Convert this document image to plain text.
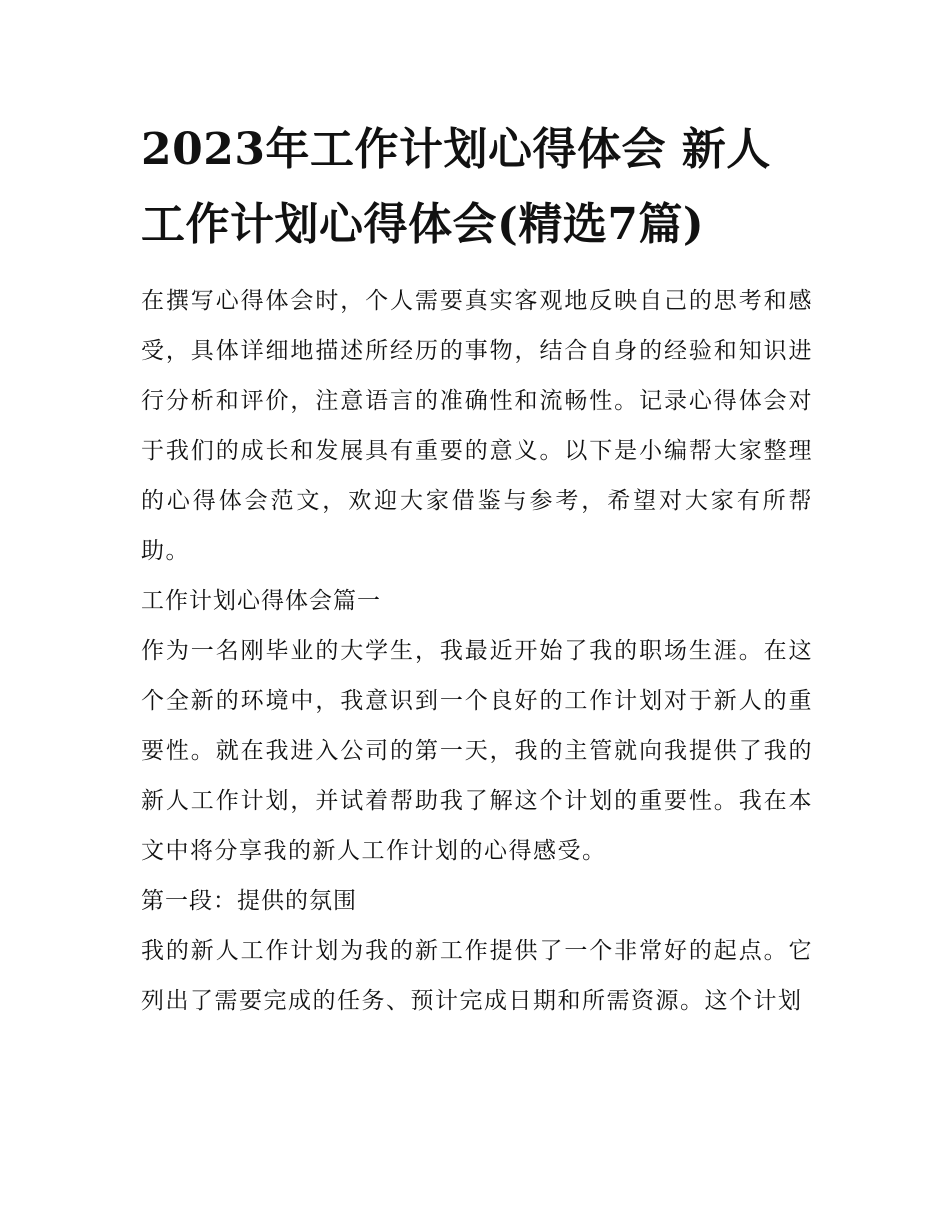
2023年工作计划心得体会 新人工作计划心得体会(精选7篇)

在撰写心得体会时，个人需要真实客观地反映自己的思考和感受，具体详细地描述所经历的事物，结合自身的经验和知识进行分析和评价，注意语言的准确性和流畅性。记录心得体会对于我们的成长和发展具有重要的意义。以下是小编帮大家整理的心得体会范文，欢迎大家借鉴与参考，希望对大家有所帮助。

工作计划心得体会篇一

作为一名刚毕业的大学生，我最近开始了我的职场生涯。在这个全新的环境中，我意识到一个良好的工作计划对于新人的重要性。就在我进入公司的第一天，我的主管就向我提供了我的新人工作计划，并试着帮助我了解这个计划的重要性。我在本文中将分享我的新人工作计划的心得感受。

第一段：提供的氛围

我的新人工作计划为我的新工作提供了一个非常好的起点。它列出了需要完成的任务、预计完成日期和所需资源。这个计划
